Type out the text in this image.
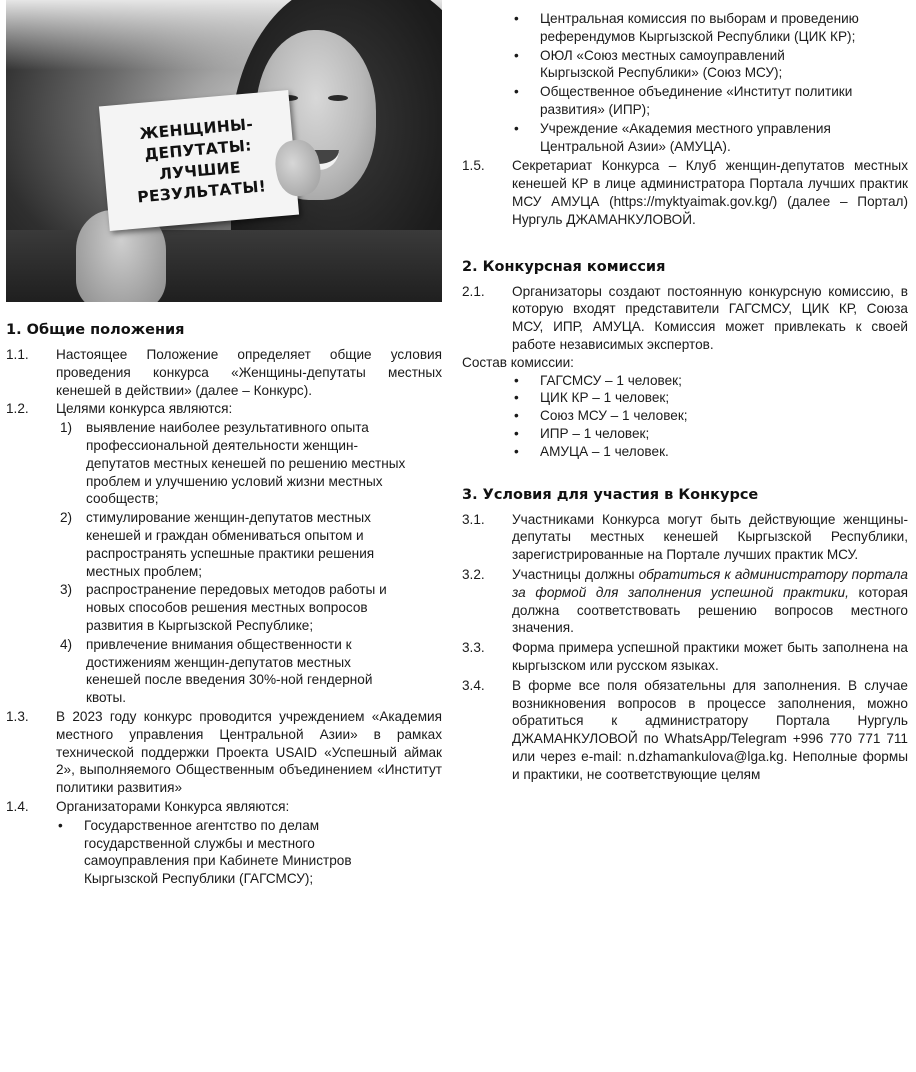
ЖЕНЩИНЫ-
ДЕПУТАТЫ:
ЛУЧШИЕ
РЕЗУЛЬТАТЫ!
1. Общие положения
1.1. Настоящее Положение определяет общие условия проведения конкурса «Женщины-депутаты местных кенешей в действии» (далее – Конкурс).
1.2. Целями конкурса являются:
1) выявление наиболее результативного опыта профессиональной деятельности женщин-депутатов местных кенешей по решению местных проблем и улучшению условий жизни местных сообществ;
2) стимулирование женщин-депутатов местных кенешей и граждан обмениваться опытом и распространять успешные практики решения местных проблем;
3) распространение передовых методов работы и новых способов решения местных вопросов развития в Кыргызской Республике;
4) привлечение внимания общественности к достижениям женщин-депутатов местных кенешей после введения 30%-ной гендерной квоты.
1.3. В 2023 году конкурс проводится учреждением «Академия местного управления Центральной Азии» в рамках технической поддержки Проекта USAID «Успешный аймак 2», выполняемого Общественным объединением «Институт политики развития»
1.4. Организаторами Конкурса являются:
• Государственное агентство по делам государственной службы и местного самоуправления при Кабинете Министров Кыргызской Республики (ГАГСМСУ);
• Центральная комиссия по выборам и проведению референдумов Кыргызской Республики (ЦИК КР);
• ОЮЛ «Союз местных самоуправлений Кыргызской Республики» (Союз МСУ);
• Общественное объединение «Институт политики развития» (ИПР);
• Учреждение «Академия местного управления Центральной Азии» (АМУЦА).
1.5. Секретариат Конкурса – Клуб женщин-депутатов местных кенешей КР в лице администратора Портала лучших практик МСУ АМУЦА (https://myktyaimak.gov.kg/) (далее – Портал) Нургуль ДЖАМАНКУЛОВОЙ.
2. Конкурсная комиссия
2.1. Организаторы создают постоянную конкурсную комиссию, в которую входят представители ГАГСМСУ, ЦИК КР, Союза МСУ, ИПР, АМУЦА. Комиссия может привлекать к своей работе независимых экспертов.
Состав комиссии:
• ГАГСМСУ – 1 человек;
• ЦИК КР – 1 человек;
• Союз МСУ – 1 человек;
• ИПР – 1 человек;
• АМУЦА – 1 человек.
3. Условия для участия в Конкурсе
3.1. Участниками Конкурса могут быть действующие женщины-депутаты местных кенешей Кыргызской Республики, зарегистрированные на Портале лучших практик МСУ.
3.2. Участницы должны обратиться к администратору портала за формой для заполнения успешной практики, которая должна соответствовать решению вопросов местного значения.
3.3. Форма примера успешной практики может быть заполнена на кыргызском или русском языках.
3.4. В форме все поля обязательны для заполнения. В случае возникновения вопросов в процессе заполнения, можно обратиться к администратору Портала Нургуль ДЖАМАНКУЛОВОЙ по WhatsApp/Telegram +996 770 771 711 или через e-mail: n.dzhamankulova@lga.kg. Неполные формы и практики, не соответствующие целям
